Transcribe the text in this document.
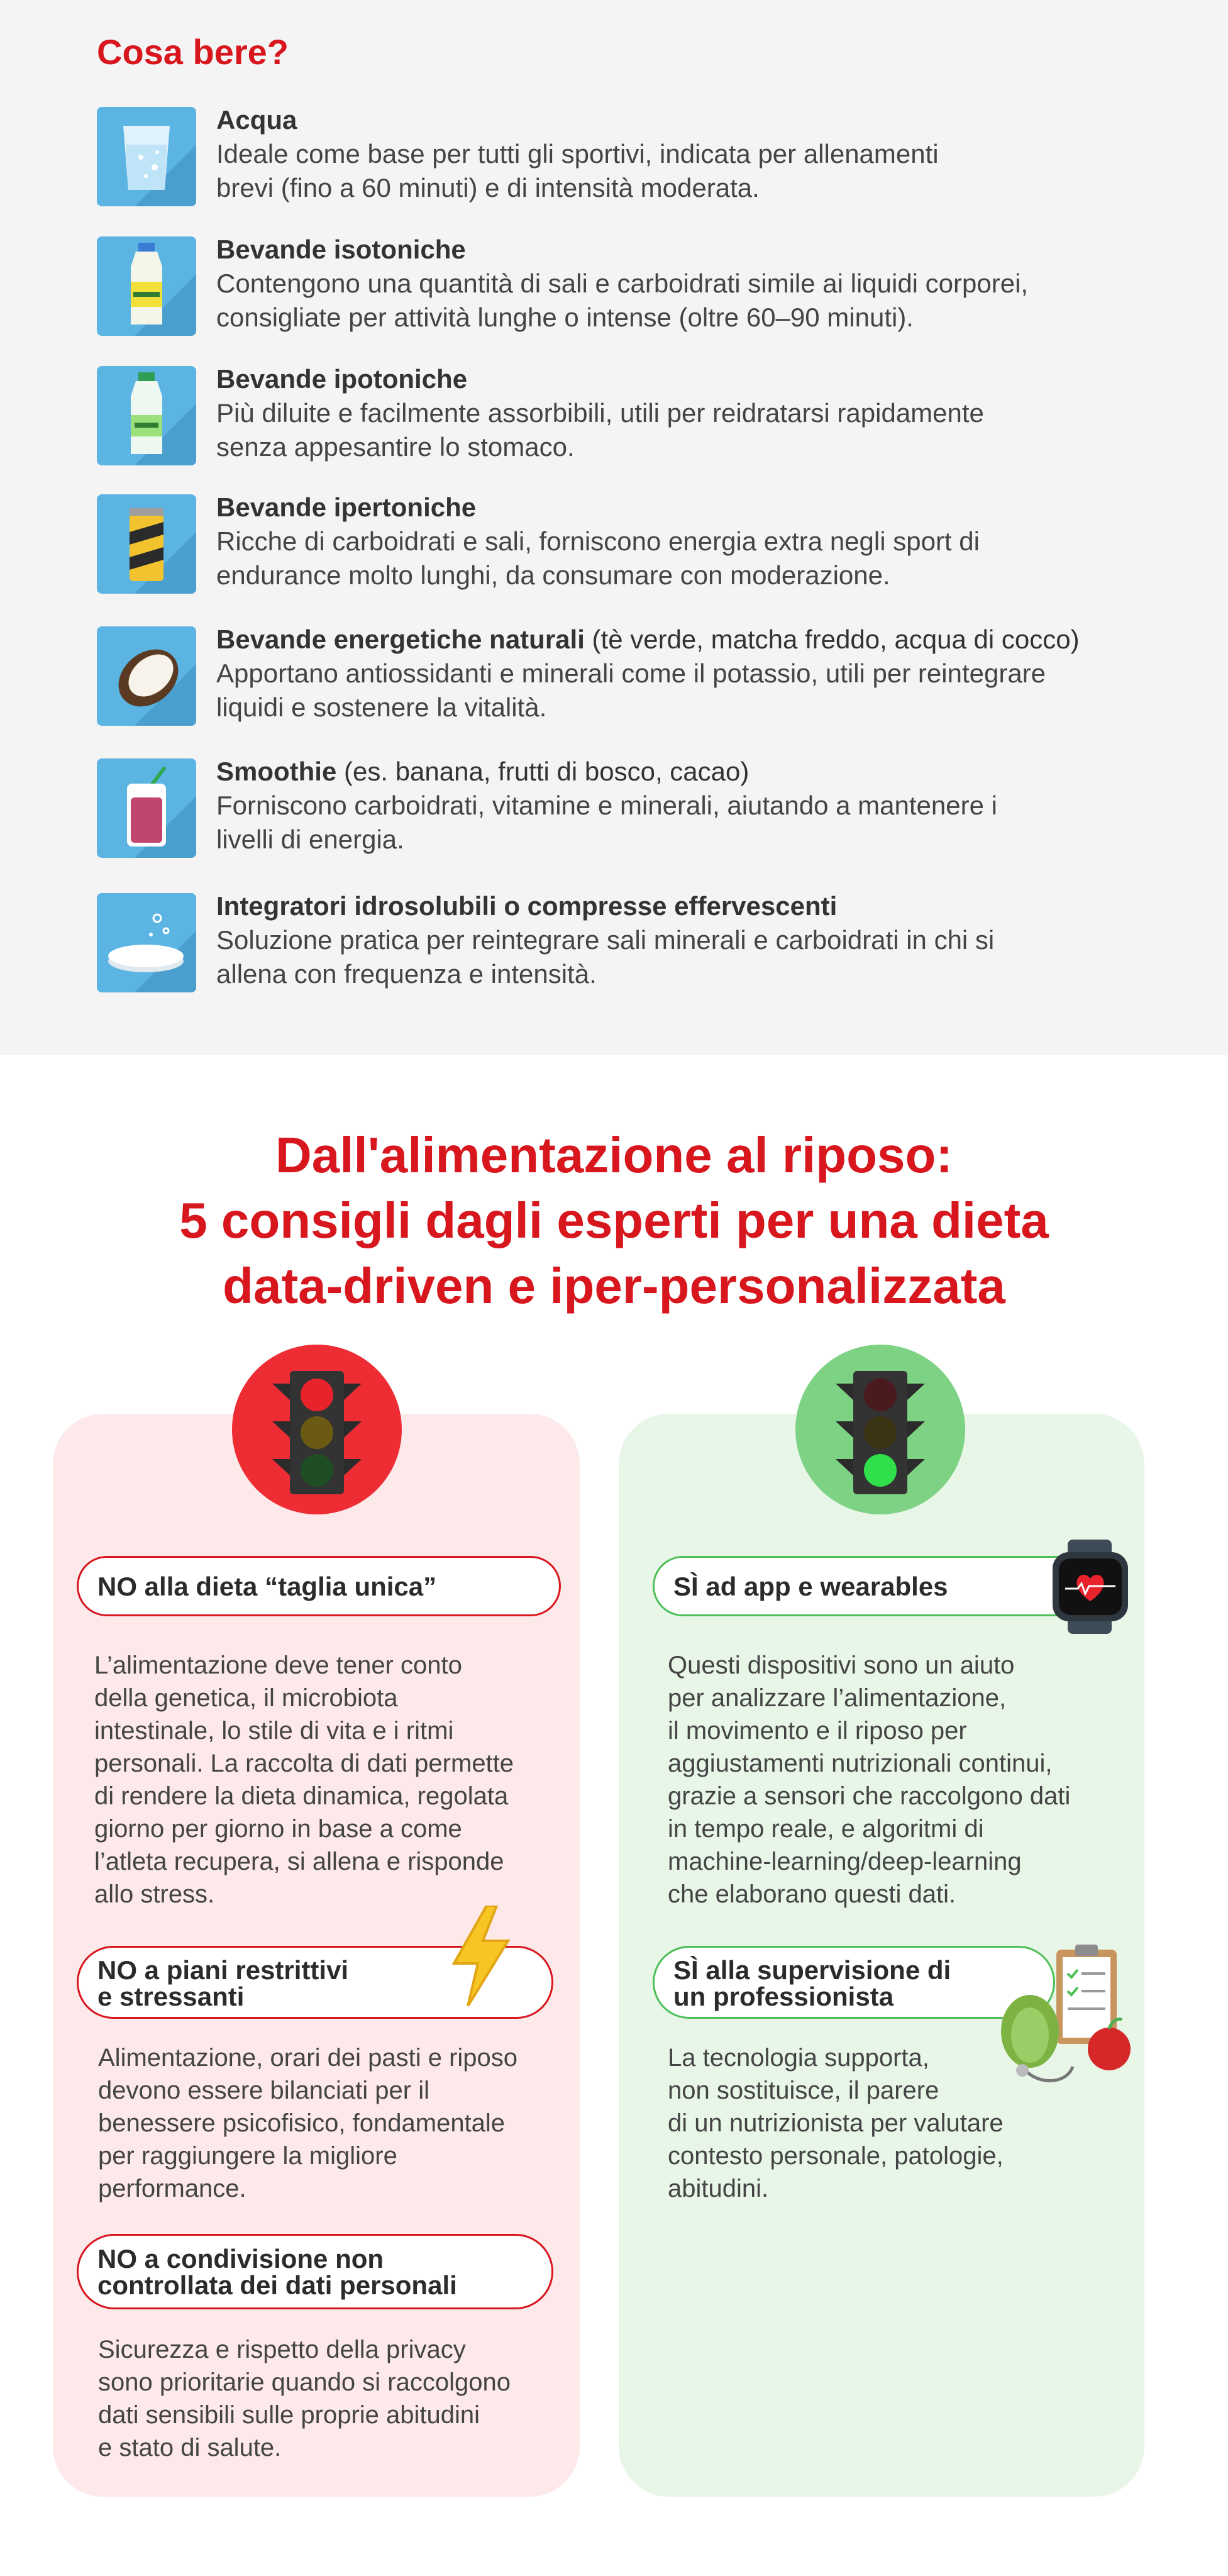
Cosa bere?
Acqua
Ideale come base per tutti gli sportivi, indicata per allenamenti
brevi (fino a 60 minuti) e di intensità moderata.
Bevande isotoniche
Contengono una quantità di sali e carboidrati simile ai liquidi corporei,
consigliate per attività lunghe o intense (oltre 60–90 minuti).
Bevande ipotoniche
Più diluite e facilmente assorbibili, utili per reidratarsi rapidamente
senza appesantire lo stomaco.
Bevande ipertoniche
Ricche di carboidrati e sali, forniscono energia extra negli sport di
endurance molto lunghi, da consumare con moderazione.
Bevande energetiche naturali (tè verde, matcha freddo, acqua di cocco)
Apportano antiossidanti e minerali come il potassio, utili per reintegrare
liquidi e sostenere la vitalità.
Smoothie (es. banana, frutti di bosco, cacao)
Forniscono carboidrati, vitamine e minerali, aiutando a mantenere i
livelli di energia.
Integratori idrosolubili o compresse effervescenti
Soluzione pratica per reintegrare sali minerali e carboidrati in chi si
allena con frequenza e intensità.
Dall'alimentazione al riposo:
5 consigli dagli esperti per una dieta
data-driven e iper-personalizzata
NO alla dieta “taglia unica”
L’alimentazione deve tener conto
della genetica, il microbiota
intestinale, lo stile di vita e i ritmi
personali. La raccolta di dati permette
di rendere la dieta dinamica, regolata
giorno per giorno in base a come
l’atleta recupera, si allena e risponde
allo stress.
NO a piani restrittivi
e stressanti
Alimentazione, orari dei pasti e riposo
devono essere bilanciati per il
benessere psicofisico, fondamentale
per raggiungere la migliore
performance.
NO a condivisione non
controllata dei dati personali
Sicurezza e rispetto della privacy
sono prioritarie quando si raccolgono
dati sensibili sulle proprie abitudini
e stato di salute.
SÌ ad app e wearables
Questi dispositivi sono un aiuto
per analizzare l’alimentazione,
il movimento e il riposo per
aggiustamenti nutrizionali continui,
grazie a sensori che raccolgono dati
in tempo reale, e algoritmi di
machine-learning/deep-learning
che elaborano questi dati.
SÌ alla supervisione di
un professionista
La tecnologia supporta,
non sostituisce, il parere
di un nutrizionista per valutare
contesto personale, patologie,
abitudini.
